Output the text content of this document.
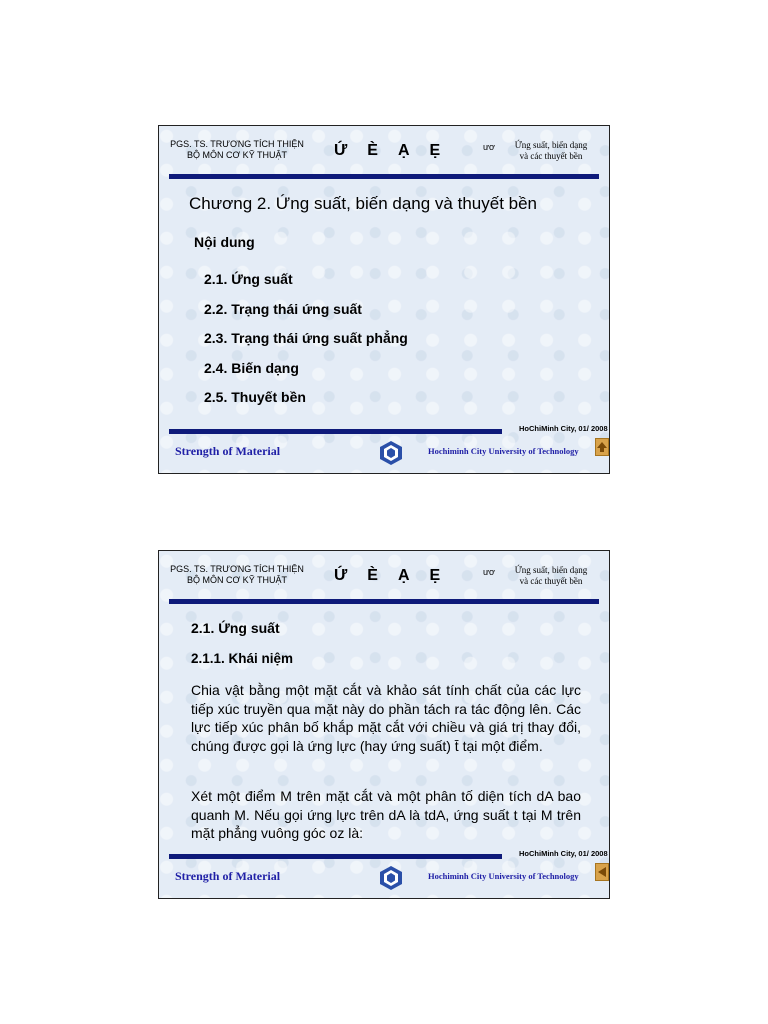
PGS. TS. TRƯƠNG TÍCH THIỆN
BỘ MÔN CƠ KỸ THUẬT	Ứ È Ạ Ẹ	ươ	Ứng suất, biến dạng
và các thuyết bền
Chương 2. Ứng suất, biến dạng và thuyết bền
Nội dung
2.1. Ứng suất
2.2. Trạng thái ứng suất
2.3. Trạng thái ứng suất phẳng
2.4. Biến dạng
2.5. Thuyết bền
HoChiMinh City, 01/ 2008
Strength of Material	Hochiminh City University of Technology
PGS. TS. TRƯƠNG TÍCH THIỆN
BỘ MÔN CƠ KỸ THUẬT	Ứ È Ạ Ẹ	ươ	Ứng suất, biến dạng
và các thuyết bền
2.1. Ứng suất
2.1.1. Khái niệm

Chia vật bằng một mặt cắt và khảo sát tính chất của các lực tiếp xúc truyền qua mặt này do phần tách ra tác động lên. Các lực tiếp xúc phân bố khắp mặt cắt với chiều và giá trị thay đổi, chúng được gọi là ứng lực (hay ứng suất) t̄ tại một điểm.

Xét một điểm M trên mặt cắt và một phân tố diện tích dA bao quanh M. Nếu gọi ứng lực trên dA là tdA, ứng suất t tại M trên mặt phẳng vuông góc oz là:

HoChiMinh City, 01/ 2008
Strength of Material	Hochiminh City University of Technology
